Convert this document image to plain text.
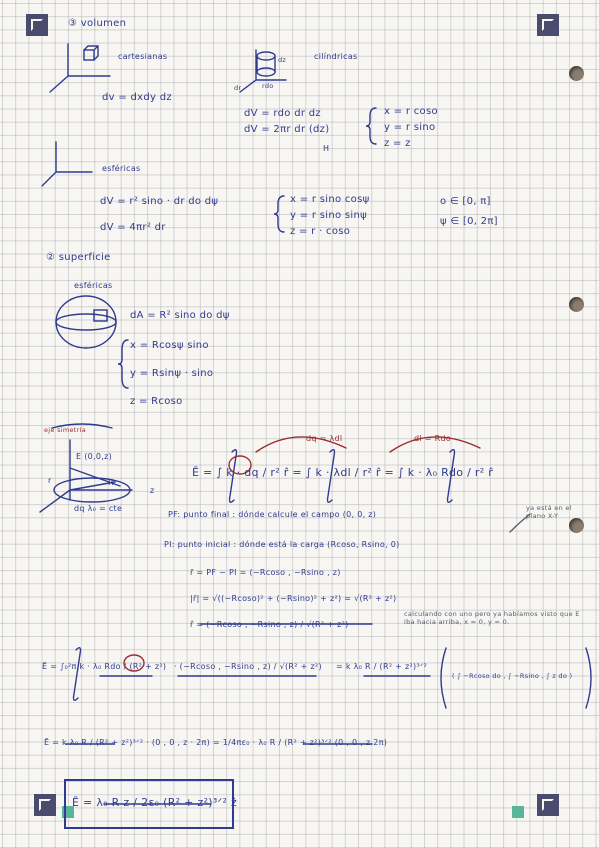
③ volumen
cartesianas
dv = dxdy dz
cilíndricas
dz
dr	rdo
dV = rdo dr dz
dV = 2πr dr (dz)
H
x = r coso
y = r sino
z = z
esféricas
dV = r² sino · dr do dψ
dV = 4πr² dr
x = r sino cosψ
y = r sino sinψ
z = r · coso
o ∈ [0, π]
ψ ∈ [0, 2π]
② superficie
esféricas
dA = R² sino do dψ
x = Rcosψ sino
y = Rsinψ · sino
z = Rcoso
eje simetría
E (0,0,z)
r	R
z
dq λ₀ = cte
dq = λdl	dl = Rdo
Ē = ∫ k · dq / r² r̂ = ∫ k · λdl / r² r̂ = ∫ k · λ₀ Rdo / r² r̂
PF: punto final : dónde calcule el campo (0, 0, z)
ya está en el plano X-Y
PI: punto inicial : dónde está la carga (Rcoso, Rsino, 0)
r̄ = PF − PI = (−Rcoso , −Rsino , z)
|r̄| = √((−Rcoso)² + (−Rsino)² + z²) = √(R² + z²)
r̂ = (−Rcoso , −Rsino , z) / √(R² + z²)
calculando con uno pero ya habíamos visto que E iba hacia arriba, x = 0, y = 0.
Ē = ∫₀²π k · λ₀ Rdo / (R² + z²) · (−Rcoso , −Rsino , z) / √(R² + z²) = k λ₀ R / (R² + z²)³ᐟ²
( ∫ −Rcoso do , ∫ −Rsino , ∫ z do )
Ē = k λ₀ R / (R² + z²)³ᐟ² · (0 , 0 , z · 2π) = 1/4πε₀ · λ₀ R / (R² + z²)³ᐟ² (0 , 0 , z 2π)
Ē = λ₀ R z / 2ε₀ (R² + z²)³ᐟ² ẑ
